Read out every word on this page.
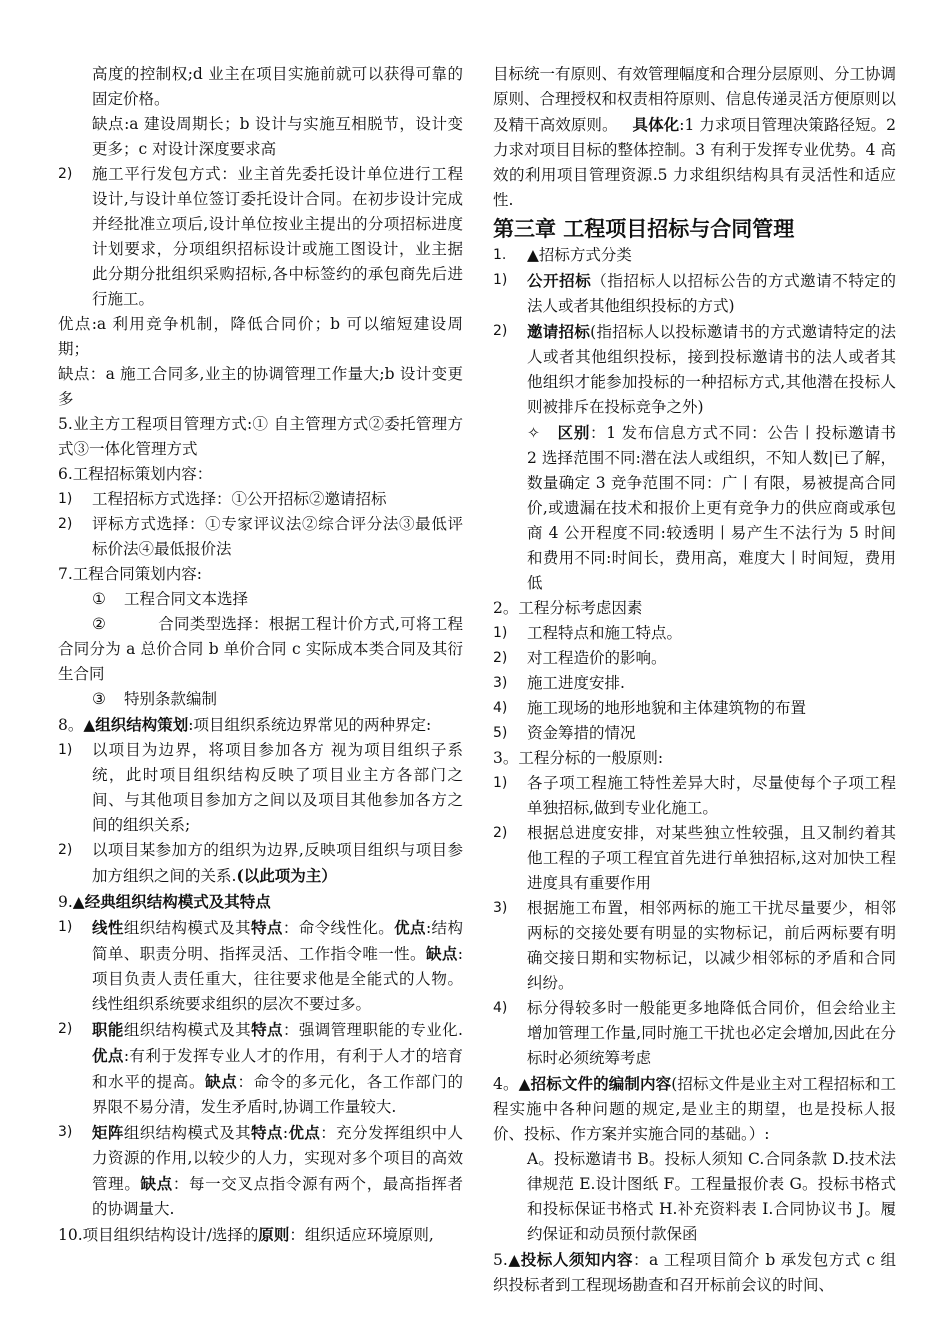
高度的控制权;d 业主在项目实施前就可以获得可靠的固定价格。

缺点:a 建设周期长；b 设计与实施互相脱节，设计变更多；c 对设计深度要求高

2) 施工平行发包方式：业主首先委托设计单位进行工程设计,与设计单位签订委托设计合同。在初步设计完成并经批准立项后,设计单位按业主提出的分项招标进度计划要求，分项组织招标设计或施工图设计，业主据此分期分批组织采购招标,各中标签约的承包商先后进行施工。

优点:a 利用竞争机制，降低合同价；b 可以缩短建设周期；

缺点：a 施工合同多,业主的协调管理工作量大;b 设计变更多

5.业主方工程项目管理方式:① 自主管理方式②委托管理方式③一体化管理方式

6.工程招标策划内容：

1) 工程招标方式选择：①公开招标②邀请招标

2) 评标方式选择：①专家评议法②综合评分法③最低评标价法④最低报价法

7.工程合同策划内容:

① 工程合同文本选择

②	合同类型选择：根据工程计价方式,可将工程合同分为 a 总价合同 b 单价合同 c 实际成本类合同及其衍生合同

③ 特别条款编制

8。▲组织结构策划:项目组织系统边界常见的两种界定:

1) 以项目为边界，将项目参加各方 视为项目组织子系统，此时项目组织结构反映了项目业主方各部门之间、与其他项目参加方之间以及项目其他参加各方之间的组织关系;

2) 以项目某参加方的组织为边界,反映项目组织与项目参加方组织之间的关系.(以此项为主）

9.▲经典组织结构模式及其特点

1) 线性组织结构模式及其特点：命令线性化。优点:结构简单、职责分明、指挥灵活、工作指令唯一性。缺点:项目负责人责任重大，往往要求他是全能式的人物。线性组织系统要求组织的层次不要过多。

2) 职能组织结构模式及其特点：强调管理职能的专业化.优点:有利于发挥专业人才的作用，有利于人才的培育和水平的提高。缺点：命令的多元化，各工作部门的界限不易分清，发生矛盾时,协调工作量较大.

3) 矩阵组织结构模式及其特点:优点：充分发挥组织中人力资源的作用,以较少的人力，实现对多个项目的高效管理。缺点：每一交叉点指令源有两个，最高指挥者的协调量大.

10.项目组织结构设计/选择的原则：组织适应环境原则,

目标统一有原则、有效管理幅度和合理分层原则、分工协调原则、合理授权和权责相符原则、信息传递灵活方便原则以及精干高效原则。 具体化:1 力求项目管理决策路径短。2 力求对项目目标的整体控制。3 有利于发挥专业优势。4 高效的利用项目管理资源.5 力求组织结构具有灵活性和适应性.

第三章 工程项目招标与合同管理

1. ▲招标方式分类

1) 公开招标（指招标人以招标公告的方式邀请不特定的法人或者其他组织投标的方式)

2) 邀请招标(指招标人以投标邀请书的方式邀请特定的法人或者其他组织投标，接到投标邀请书的法人或者其他组织才能参加投标的一种招标方式,其他潜在投标人则被排斥在投标竞争之外)

✧ 区别：1 发布信息方式不同：公告丨投标邀请书 2 选择范围不同:潜在法人或组织，不知人数|已了解，数量确定 3 竞争范围不同：广丨有限，易被提高合同价,或遗漏在技术和报价上更有竞争力的供应商或承包商 4 公开程度不同:较透明丨易产生不法行为 5 时间和费用不同:时间长，费用高，难度大丨时间短，费用低

2。工程分标考虑因素

1) 工程特点和施工特点。

2) 对工程造价的影响。

3) 施工进度安排.

4) 施工现场的地形地貌和主体建筑物的布置

5) 资金筹措的情况

3。工程分标的一般原则:

1) 各子项工程施工特性差异大时，尽量使每个子项工程单独招标,做到专业化施工。

2) 根据总进度安排，对某些独立性较强，且又制约着其他工程的子项工程宜首先进行单独招标,这对加快工程进度具有重要作用

3) 根据施工布置，相邻两标的施工干扰尽量要少，相邻两标的交接处要有明显的实物标记，前后两标要有明确交接日期和实物标记，以减少相邻标的矛盾和合同纠纷。

4) 标分得较多时一般能更多地降低合同价，但会给业主增加管理工作量,同时施工干扰也必定会增加,因此在分标时必须统筹考虑

4。▲招标文件的编制内容(招标文件是业主对工程招标和工程实施中各种问题的规定,是业主的期望，也是投标人报价、投标、作方案并实施合同的基础。）:

A。投标邀请书 B。投标人须知 C.合同条款 D.技术法律规范 E.设计图纸 F。工程量报价表 G。投标书格式和投标保证书格式 H.补充资料表 I.合同协议书 J。履约保证和动员预付款保函

5.▲投标人须知内容：a 工程项目简介 b 承发包方式 c 组织投标者到工程现场勘查和召开标前会议的时间、
